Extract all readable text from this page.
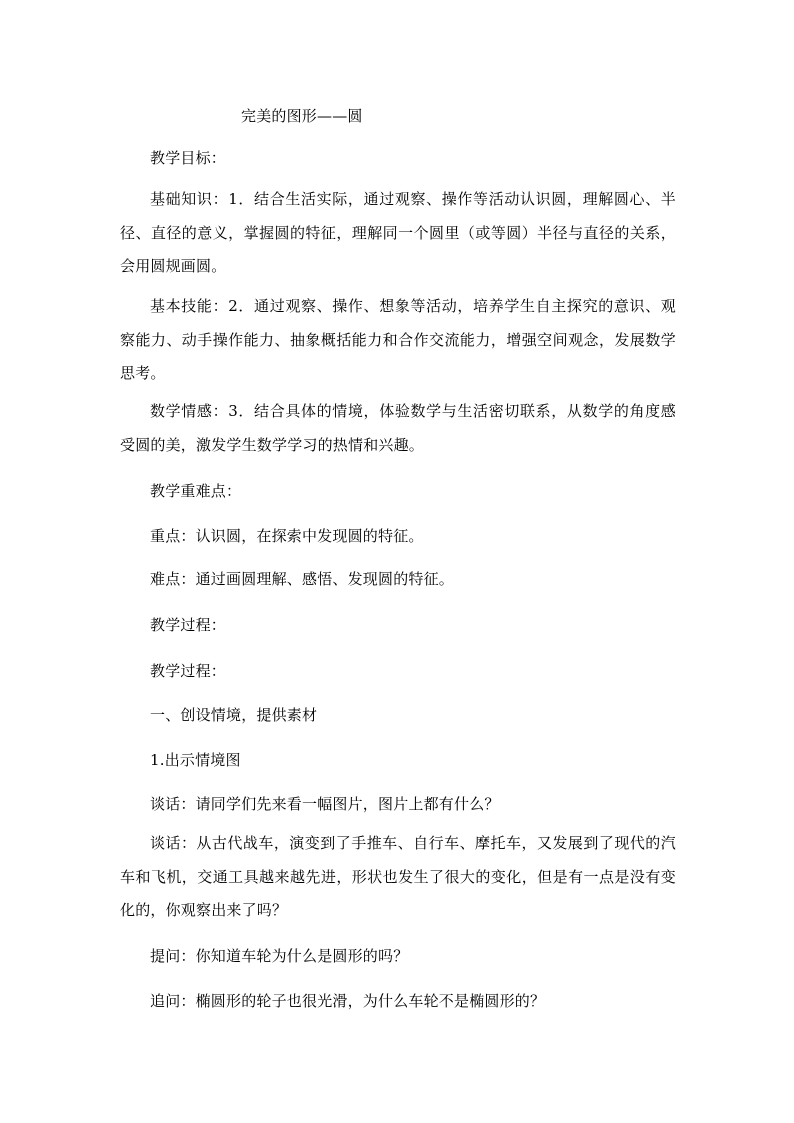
完美的图形——圆
教学目标：
基础知识：1．结合生活实际，通过观察、操作等活动认识圆，理解圆心、半径、直径的意义，掌握圆的特征，理解同一个圆里（或等圆）半径与直径的关系，会用圆规画圆。
基本技能：2．通过观察、操作、想象等活动，培养学生自主探究的意识、观察能力、动手操作能力、抽象概括能力和合作交流能力，增强空间观念，发展数学思考。
数学情感：3．结合具体的情境，体验数学与生活密切联系，从数学的角度感受圆的美，激发学生数学学习的热情和兴趣。
教学重难点：
重点：认识圆，在探索中发现圆的特征。
难点：通过画圆理解、感悟、发现圆的特征。
教学过程：
教学过程：
一、创设情境，提供素材
1.出示情境图
谈话：请同学们先来看一幅图片，图片上都有什么？
谈话：从古代战车，演变到了手推车、自行车、摩托车，又发展到了现代的汽车和飞机，交通工具越来越先进，形状也发生了很大的变化，但是有一点是没有变化的，你观察出来了吗？
提问：你知道车轮为什么是圆形的吗？
追问：椭圆形的轮子也很光滑，为什么车轮不是椭圆形的？
